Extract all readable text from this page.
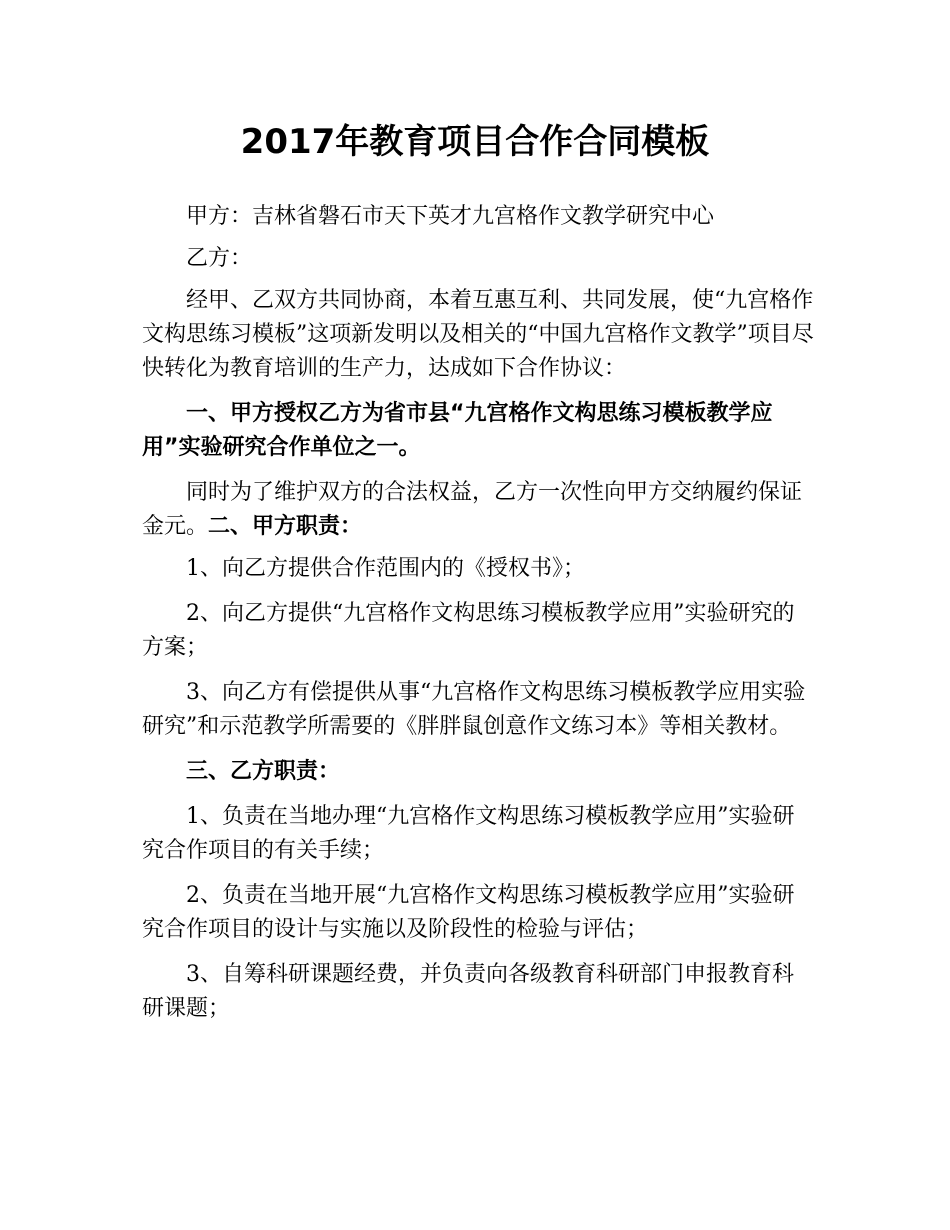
2017年教育项目合作合同模板

甲方：吉林省磐石市天下英才九宫格作文教学研究中心

乙方：

经甲、乙双方共同协商，本着互惠互利、共同发展，使“九宫格作文构思练习模板”这项新发明以及相关的“中国九宫格作文教学”项目尽快转化为教育培训的生产力，达成如下合作协议：

一、甲方授权乙方为省市县“九宫格作文构思练习模板教学应用”实验研究合作单位之一。

同时为了维护双方的合法权益，乙方一次性向甲方交纳履约保证金元。二、甲方职责：

1、向乙方提供合作范围内的《授权书》；

2、向乙方提供“九宫格作文构思练习模板教学应用”实验研究的方案；

3、向乙方有偿提供从事“九宫格作文构思练习模板教学应用实验研究”和示范教学所需要的《胖胖鼠创意作文练习本》等相关教材。

三、乙方职责：

1、负责在当地办理“九宫格作文构思练习模板教学应用”实验研究合作项目的有关手续；

2、负责在当地开展“九宫格作文构思练习模板教学应用”实验研究合作项目的设计与实施以及阶段性的检验与评估；

3、自筹科研课题经费，并负责向各级教育科研部门申报教育科研课题；
